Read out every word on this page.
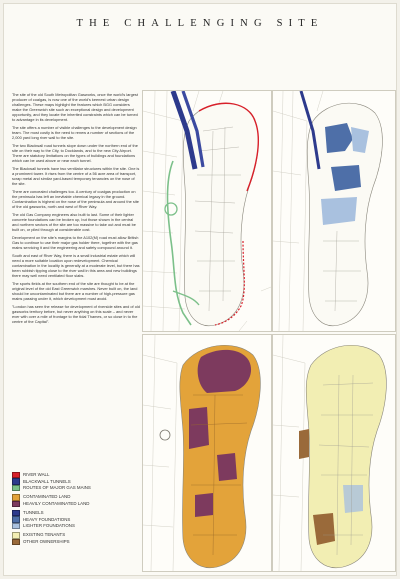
THE CHALLENGING SITE

The site of the old South Metropolitan Gasworks, once the world's largest producer of coalgas, is now one of the world's keenest urban design challenges. These maps highlight the features which BGG considers make the Greenwich site such an exceptional design and development opportunity, and they locate the inherited constraints which can be turned to advantage in its development.

The site offers a number of visible challenges to the development design team. The most costly is the need to renew a number of sections of the 2,000 yard long river wall to the site.

The two Blackwall road tunnels slope down under the northern end of the site on their way to the City, to Docklands, and to the new City Airport. There are statutory limitations on the types of buildings and foundations which can be used above or near each tunnel.

The Blackwall tunnels have two ventilator structures within the site. One is a prominent tower. It rises from the centre of a 56 acre area of transport, scrap metal and similar yard-based temporary tenancies on the nose of the site.

There are concealed challenges too. A century of coalgas production on the peninsula has left an inevitable chemical legacy in the ground. Contamination is highest on the nose of the peninsula and around the site of the old gasworks, north and west of River Way.

The old Gas Company engineers also built to last. Some of their lighter concrete foundations can be broken up, but those shown in the central and northern sectors of the site are too massive to take out and must be built on, or piled through at considerable cost.

Development on the site's margins to the A102(M) road must allow British Gas to continue to use their major gas holder there, together with the gas mains servicing it and the engineering and safety compound around it.

South and east of River Way, there is a small industrial estate which will need a more suitable location upon redevelopment. Chemical contamination in the locality is generally at a moderate level, but there has been rubbish tipping close to the river wall in this area and new buildings there may well need ventilated floor slabs.

The sports fields at the southern end of the site are thought to be at the original level of the old East Greenwich marshes. Never built on, the land should be uncontaminated but there are a number of high-pressure gas mains passing under it, which development must avoid.

"London has seen the release for development of riverside sites and of old gasworks territory before, but never anything on this scale – and never ever with over a mile of frontage to the tidal Thames, or so close in to the centre of the Capital".

RIVER WALL
BLACKWALL TUNNELS
ROUTES OF MAJOR GAS MAINS
CONTAMINATED LAND
HEAVILY CONTAMINATED LAND
TUNNELS
HEAVY FOUNDATIONS
LIGHTER FOUNDATIONS
EXISTING TENANTS
OTHER OWNERSHIPS
